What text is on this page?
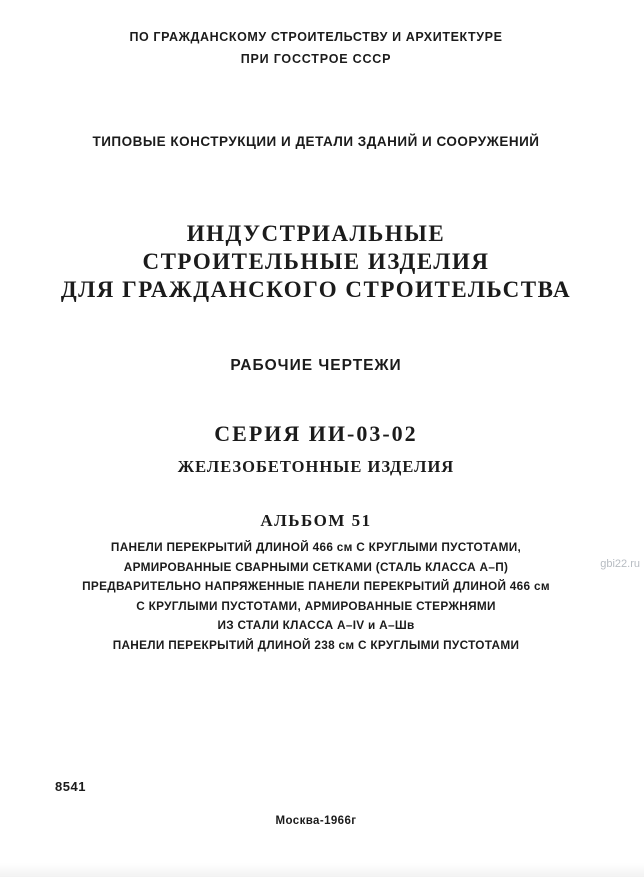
ПО ГРАЖДАНСКОМУ СТРОИТЕЛЬСТВУ И АРХИТЕКТУРЕ
ПРИ ГОССТРОЕ СССР
ТИПОВЫЕ КОНСТРУКЦИИ И ДЕТАЛИ ЗДАНИЙ И СООРУЖЕНИЙ
ИНДУСТРИАЛЬНЫЕ
СТРОИТЕЛЬНЫЕ ИЗДЕЛИЯ
ДЛЯ ГРАЖДАНСКОГО СТРОИТЕЛЬСТВА
РАБОЧИЕ ЧЕРТЕЖИ
СЕРИЯ ИИ-03-02
ЖЕЛЕЗОБЕТОННЫЕ ИЗДЕЛИЯ
АЛЬБОМ 51
ПАНЕЛИ ПЕРЕКРЫТИЙ ДЛИНОЙ 466 см С КРУГЛЫМИ ПУСТОТАМИ,
АРМИРОВАННЫЕ СВАРНЫМИ СЕТКАМИ (СТАЛЬ КЛАССА А–П)
ПРЕДВАРИТЕЛЬНО НАПРЯЖЕННЫЕ ПАНЕЛИ ПЕРЕКРЫТИЙ ДЛИНОЙ 466 см
С КРУГЛЫМИ ПУСТОТАМИ, АРМИРОВАННЫЕ СТЕРЖНЯМИ
ИЗ СТАЛИ КЛАССА А–IV и А–Шв
ПАНЕЛИ ПЕРЕКРЫТИЙ ДЛИНОЙ 238 см С КРУГЛЫМИ ПУСТОТАМИ
8541
Москва-1966г
gbi22.ru
